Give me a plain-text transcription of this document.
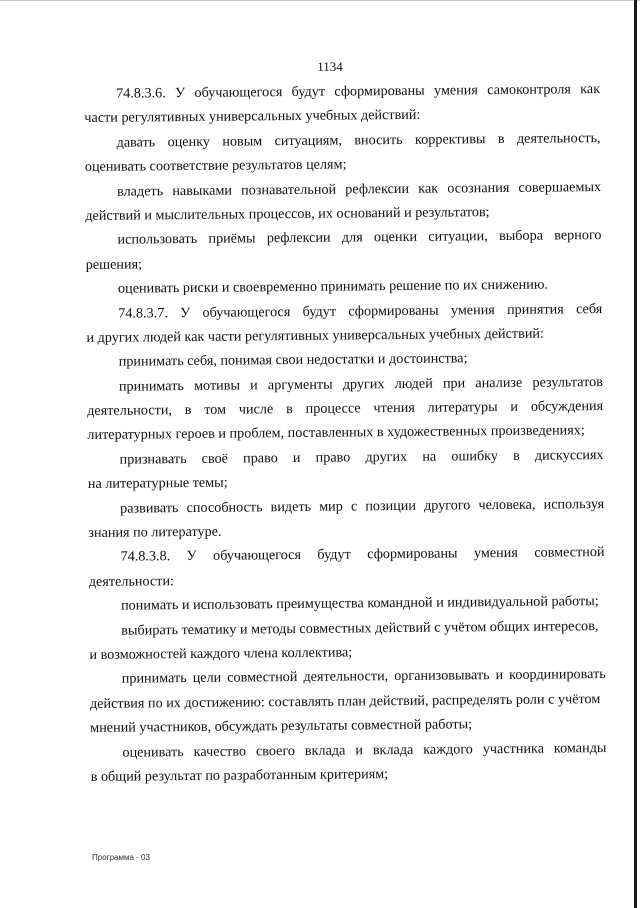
1134
74.8.3.6. У обучающегося будут сформированы умения самоконтроля как
части регулятивных универсальных учебных действий:
давать оценку новым ситуациям, вносить коррективы в деятельность,
оценивать соответствие результатов целям;
владеть навыками познавательной рефлексии как осознания совершаемых
действий и мыслительных процессов, их оснований и результатов;
использовать приёмы рефлексии для оценки ситуации, выбора верного
решения;
оценивать риски и своевременно принимать решение по их снижению.
74.8.3.7. У обучающегося будут сформированы умения принятия себя
и других людей как части регулятивных универсальных учебных действий:
принимать себя, понимая свои недостатки и достоинства;
принимать мотивы и аргументы других людей при анализе результатов
деятельности, в том числе в процессе чтения литературы и обсуждения
литературных героев и проблем, поставленных в художественных произведениях;
признавать своё право и право других на ошибку в дискуссиях
на литературные темы;
развивать способность видеть мир с позиции другого человека, используя
знания по литературе.
74.8.3.8. У обучающегося будут сформированы умения совместной
деятельности:
понимать и использовать преимущества командной и индивидуальной работы;
выбирать тематику и методы совместных действий с учётом общих интересов,
и возможностей каждого члена коллектива;
принимать цели совместной деятельности, организовывать и координировать
действия по их достижению: составлять план действий, распределять роли с учётом
мнений участников, обсуждать результаты совместной работы;
оценивать качество своего вклада и вклада каждого участника команды
в общий результат по разработанным критериям;
Программа - 03
